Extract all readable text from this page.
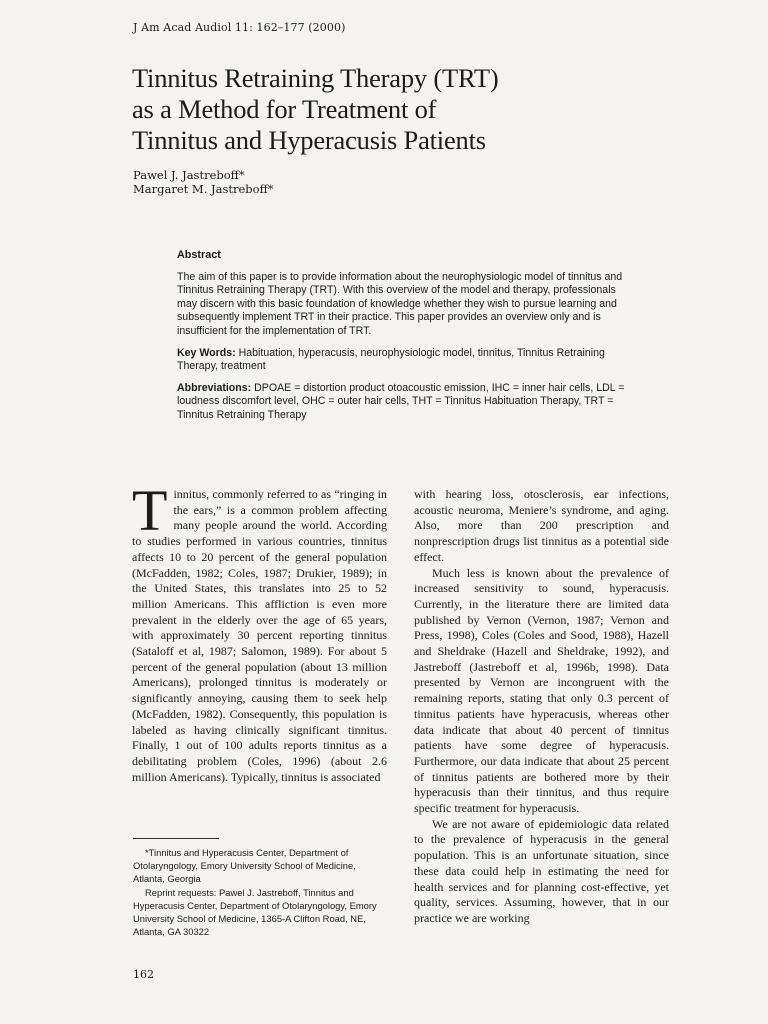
J Am Acad Audiol 11: 162–177 (2000)
Tinnitus Retraining Therapy (TRT)
as a Method for Treatment of
Tinnitus and Hyperacusis Patients
Pawel J. Jastreboff*
Margaret M. Jastreboff*
Abstract

The aim of this paper is to provide information about the neurophysiologic model of tinnitus and Tinnitus Retraining Therapy (TRT). With this overview of the model and therapy, professionals may discern with this basic foundation of knowledge whether they wish to pursue learning and subsequently implement TRT in their practice. This paper provides an overview only and is insufficient for the implementation of TRT.

Key Words: Habituation, hyperacusis, neurophysiologic model, tinnitus, Tinnitus Retraining Therapy, treatment

Abbreviations: DPOAE = distortion product otoacoustic emission, IHC = inner hair cells, LDL = loudness discomfort level, OHC = outer hair cells, THT = Tinnitus Habituation Therapy, TRT = Tinnitus Retraining Therapy

Tinnitus, commonly referred to as “ringing in the ears,” is a common problem affecting many people around the world. According to studies performed in various countries, tinnitus affects 10 to 20 percent of the general population (McFadden, 1982; Coles, 1987; Drukier, 1989); in the United States, this translates into 25 to 52 million Americans. This affliction is even more prevalent in the elderly over the age of 65 years, with approximately 30 percent reporting tinnitus (Sataloff et al, 1987; Salomon, 1989). For about 5 percent of the general population (about 13 million Americans), prolonged tinnitus is moderately or significantly annoying, causing them to seek help (McFadden, 1982). Consequently, this population is labeled as having clinically significant tinnitus. Finally, 1 out of 100 adults reports tinnitus as a debilitating problem (Coles, 1996) (about 2.6 million Americans). Typically, tinnitus is associated

with hearing loss, otosclerosis, ear infections, acoustic neuroma, Meniere’s syndrome, and aging. Also, more than 200 prescription and nonprescription drugs list tinnitus as a potential side effect.

Much less is known about the prevalence of increased sensitivity to sound, hyperacusis. Currently, in the literature there are limited data published by Vernon (Vernon, 1987; Vernon and Press, 1998), Coles (Coles and Sood, 1988), Hazell and Sheldrake (Hazell and Sheldrake, 1992), and Jastreboff (Jastreboff et al, 1996b, 1998). Data presented by Vernon are incongruent with the remaining reports, stating that only 0.3 percent of tinnitus patients have hyperacusis, whereas other data indicate that about 40 percent of tinnitus patients have some degree of hyperacusis. Furthermore, our data indicate that about 25 percent of tinnitus patients are bothered more by their hyperacusis than their tinnitus, and thus require specific treatment for hyperacusis.

We are not aware of epidemiologic data related to the prevalence of hyperacusis in the general population. This is an unfortunate situation, since these data could help in estimating the need for health services and for planning cost-effective, yet quality, services. Assuming, however, that in our practice we are working

*Tinnitus and Hyperacusis Center, Department of Otolaryngology, Emory University School of Medicine, Atlanta, Georgia

Reprint requests: Pawel J. Jastreboff, Tinnitus and Hyperacusis Center, Department of Otolaryngology, Emory University School of Medicine, 1365-A Clifton Road, NE, Atlanta, GA 30322

162
